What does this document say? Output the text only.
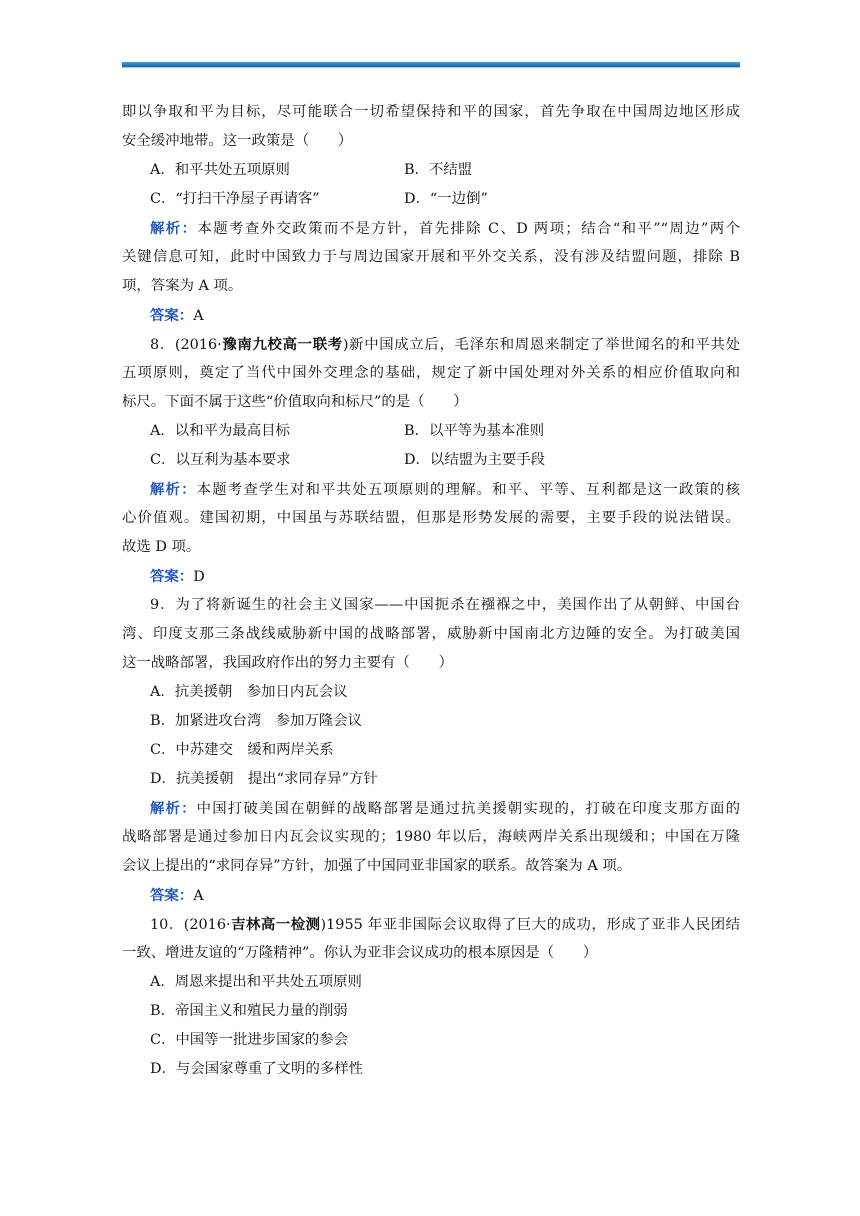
即以争取和平为目标，尽可能联合一切希望保持和平的国家，首先争取在中国周边地区形成
安全缓冲地带。这一政策是（　　）
A．和平共处五项原则	B．不结盟
C．“打扫干净屋子再请客”	D．“一边倒”
解析：本题考查外交政策而不是方针，首先排除 C、D 两项；结合“和平”“周边”两个
关键信息可知，此时中国致力于与周边国家开展和平外交关系，没有涉及结盟问题，排除 B
项，答案为 A 项。
答案：A
8．(2016·豫南九校高一联考)新中国成立后，毛泽东和周恩来制定了举世闻名的和平共处
五项原则，奠定了当代中国外交理念的基础，规定了新中国处理对外关系的相应价值取向和
标尺。下面不属于这些“价值取向和标尺”的是（　　）
A．以和平为最高目标	B．以平等为基本准则
C．以互利为基本要求	D．以结盟为主要手段
解析：本题考查学生对和平共处五项原则的理解。和平、平等、互利都是这一政策的核
心价值观。建国初期，中国虽与苏联结盟，但那是形势发展的需要，主要手段的说法错误。
故选 D 项。
答案：D
9．为了将新诞生的社会主义国家——中国扼杀在襁褓之中，美国作出了从朝鲜、中国台
湾、印度支那三条战线威胁新中国的战略部署，威胁新中国南北方边陲的安全。为打破美国
这一战略部署，我国政府作出的努力主要有（　　）
A．抗美援朝　参加日内瓦会议
B．加紧进攻台湾　参加万隆会议
C．中苏建交　缓和两岸关系
D．抗美援朝　提出“求同存异”方针
解析：中国打破美国在朝鲜的战略部署是通过抗美援朝实现的，打破在印度支那方面的
战略部署是通过参加日内瓦会议实现的；1980 年以后，海峡两岸关系出现缓和；中国在万隆
会议上提出的“求同存异”方针，加强了中国同亚非国家的联系。故答案为 A 项。
答案：A
10．(2016·吉林高一检测)1955 年亚非国际会议取得了巨大的成功，形成了亚非人民团结
一致、增进友谊的“万隆精神”。你认为亚非会议成功的根本原因是（　　）
A．周恩来提出和平共处五项原则
B．帝国主义和殖民力量的削弱
C．中国等一批进步国家的参会
D．与会国家尊重了文明的多样性
